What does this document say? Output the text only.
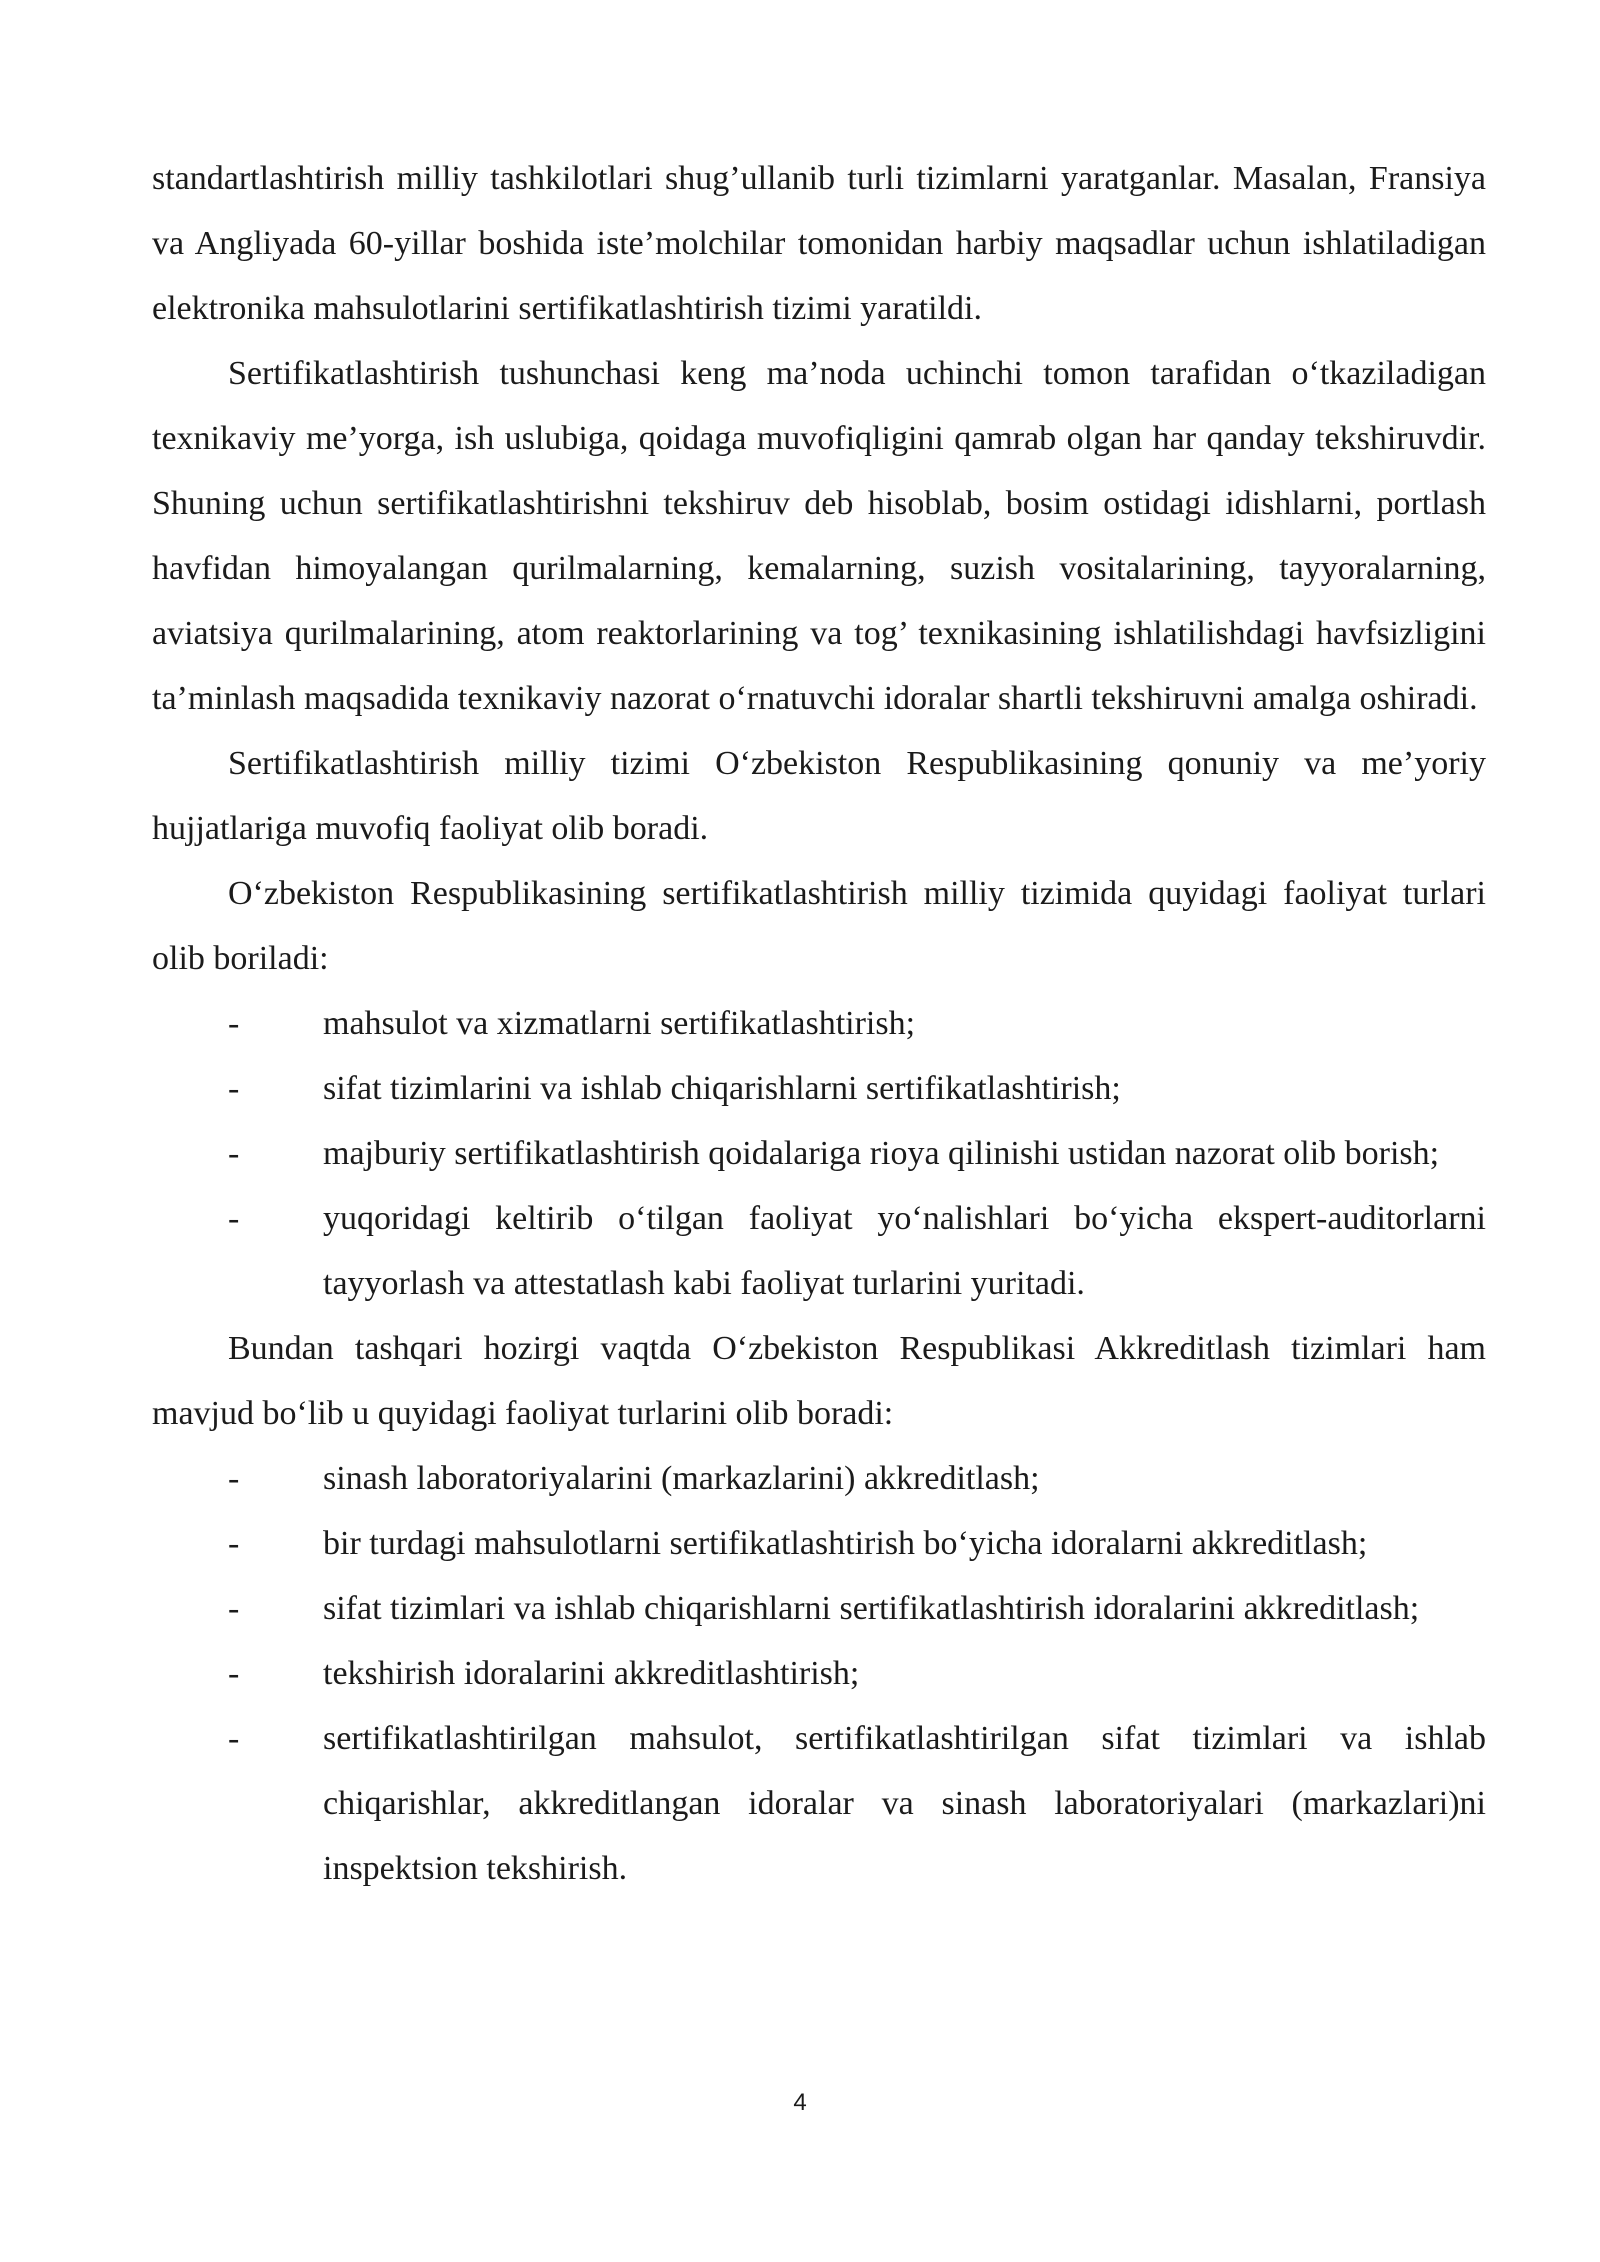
standartlashtirish milliy tashkilotlari shug’ullanib turli tizimlarni yaratganlar. Masalan, Fransiya va Angliyada 60-yillar boshida iste’molchilar tomonidan harbiy maqsadlar uchun ishlatiladigan elektronika mahsulotlarini sertifikatlashtirish tizimi yaratildi.

Sertifikatlashtirish tushunchasi keng ma’noda uchinchi tomon tarafidan o‘tkaziladigan texnikaviy me’yorga, ish uslubiga, qoidaga muvofiqligini qamrab olgan har qanday tekshiruvdir. Shuning uchun sertifikatlashtirishni tekshiruv deb hisoblab, bosim ostidagi idishlarni, portlash havfidan himoyalangan qurilmalarning, kemalarning, suzish vositalarining, tayyoralarning, aviatsiya qurilmalarining, atom reaktorlarining va tog’ texnikasining ishlatilishdagi havfsizligini ta’minlash maqsadida texnikaviy nazorat o‘rnatuvchi idoralar shartli tekshiruvni amalga oshiradi.

Sertifikatlashtirish milliy tizimi O‘zbekiston Respublikasining qonuniy va me’yoriy hujjatlariga muvofiq faoliyat olib boradi.

O‘zbekiston Respublikasining sertifikatlashtirish milliy tizimida quyidagi faoliyat turlari olib boriladi:

- mahsulot va xizmatlarni sertifikatlashtirish;
- sifat tizimlarini va ishlab chiqarishlarni sertifikatlashtirish;
- majburiy sertifikatlashtirish qoidalariga rioya qilinishi ustidan nazorat olib borish;
- yuqoridagi keltirib o‘tilgan faoliyat yo‘nalishlari bo‘yicha ekspert-auditorlarni tayyorlash va attestatlash kabi faoliyat turlarini yuritadi.

Bundan tashqari hozirgi vaqtda O‘zbekiston Respublikasi Akkreditlash tizimlari ham mavjud bo‘lib u quyidagi faoliyat turlarini olib boradi:

- sinash laboratoriyalarini (markazlarini) akkreditlash;
- bir turdagi mahsulotlarni sertifikatlashtirish bo‘yicha idoralarni akkreditlash;
- sifat tizimlari va ishlab chiqarishlarni sertifikatlashtirish idoralarini akkreditlash;
- tekshirish idoralarini akkreditlashtirish;
- sertifikatlashtirilgan mahsulot, sertifikatlashtirilgan sifat tizimlari va ishlab chiqarishlar, akkreditlangan idoralar va sinash laboratoriyalari (markazlari)ni inspektsion tekshirish.
4
